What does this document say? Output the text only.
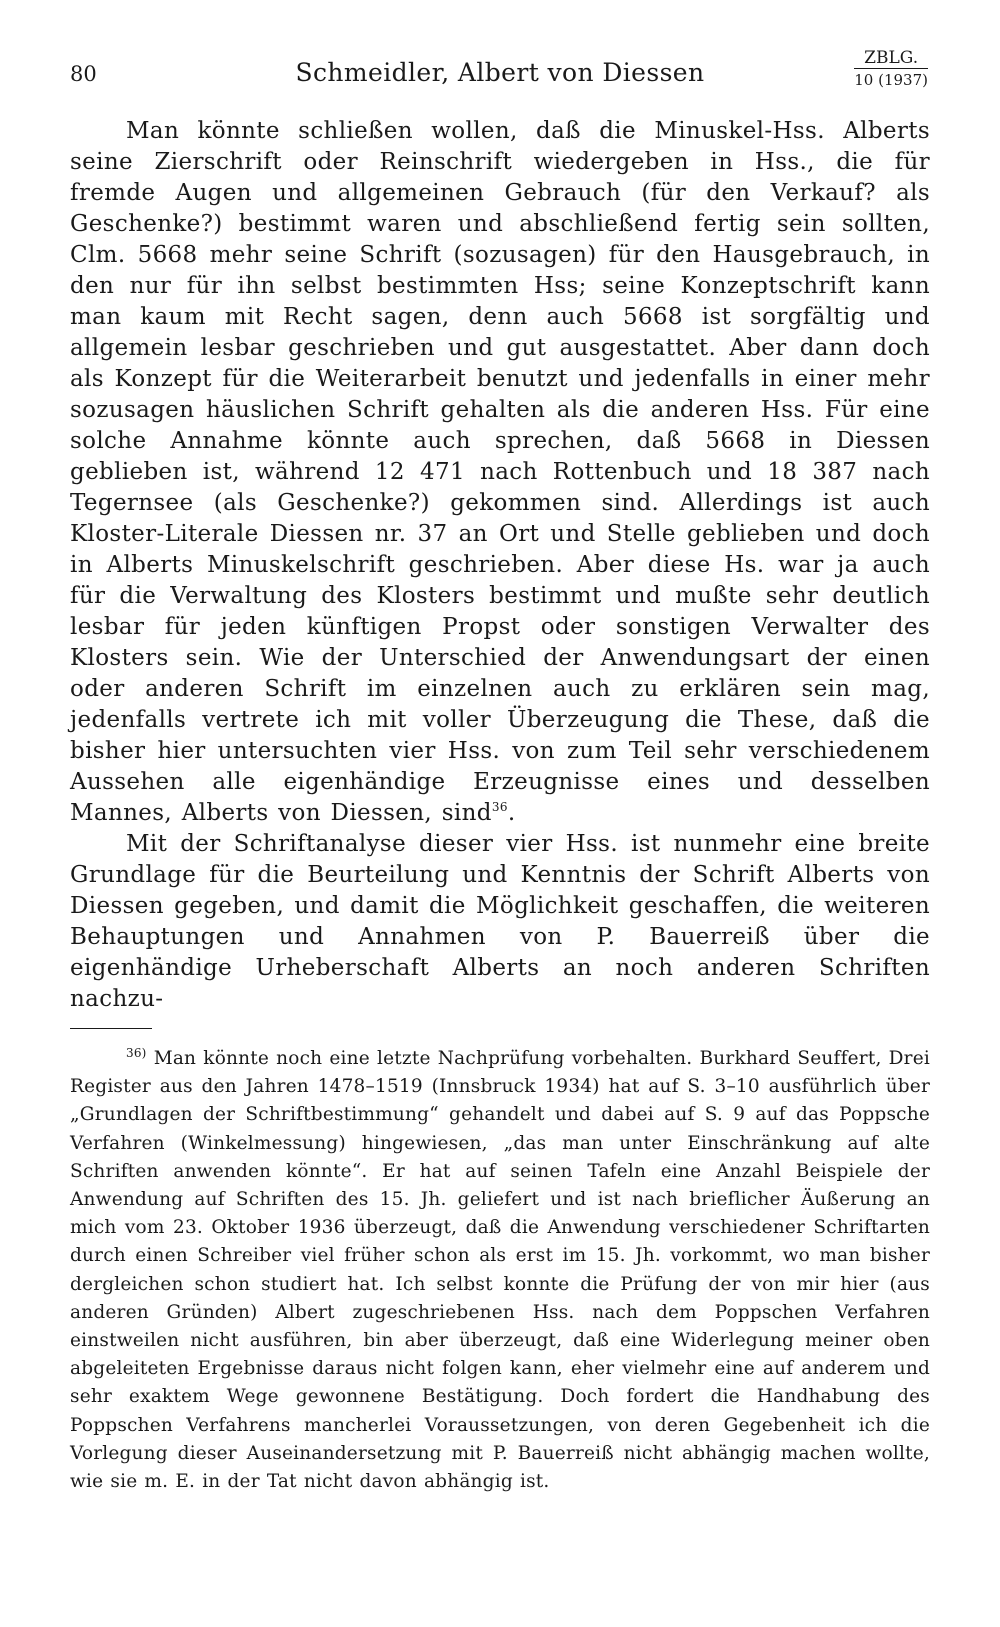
80	Schmeidler, Albert von Diessen	ZBLG.
10 (1937)

Man könnte schließen wollen, daß die Minuskel-Hss. Alberts seine Zierschrift oder Reinschrift wiedergeben in Hss., die für fremde Augen und allgemeinen Gebrauch (für den Verkauf? als Geschenke?) bestimmt waren und abschließend fertig sein sollten, Clm. 5668 mehr seine Schrift (sozusagen) für den Hausgebrauch, in den nur für ihn selbst bestimmten Hss; seine Konzeptschrift kann man kaum mit Recht sagen, denn auch 5668 ist sorgfältig und allgemein lesbar geschrieben und gut ausgestattet. Aber dann doch als Konzept für die Weiterarbeit benutzt und jedenfalls in einer mehr sozusagen häuslichen Schrift gehalten als die anderen Hss. Für eine solche Annahme könnte auch sprechen, daß 5668 in Diessen geblieben ist, während 12 471 nach Rottenbuch und 18 387 nach Tegernsee (als Geschenke?) gekommen sind. Allerdings ist auch Kloster-Literale Diessen nr. 37 an Ort und Stelle geblieben und doch in Alberts Minuskelschrift geschrieben. Aber diese Hs. war ja auch für die Verwaltung des Klosters bestimmt und mußte sehr deutlich lesbar für jeden künftigen Propst oder sonstigen Verwalter des Klosters sein. Wie der Unterschied der Anwendungsart der einen oder anderen Schrift im einzelnen auch zu erklären sein mag, jedenfalls vertrete ich mit voller Überzeugung die These, daß die bisher hier untersuchten vier Hss. von zum Teil sehr verschiedenem Aussehen alle eigenhändige Erzeugnisse eines und desselben Mannes, Alberts von Diessen, sind$^{36}$.

Mit der Schriftanalyse dieser vier Hss. ist nunmehr eine breite Grundlage für die Beurteilung und Kenntnis der Schrift Alberts von Diessen gegeben, und damit die Möglichkeit geschaffen, die weiteren Behauptungen und Annahmen von P. Bauerreiß über die eigenhändige Urheberschaft Alberts an noch anderen Schriften nachzu-

$^{36)}$ Man könnte noch eine letzte Nachprüfung vorbehalten. Burkhard Seuffert, Drei Register aus den Jahren 1478–1519 (Innsbruck 1934) hat auf S. 3–10 ausführlich über „Grundlagen der Schriftbestimmung“ gehandelt und dabei auf S. 9 auf das Poppsche Verfahren (Winkelmessung) hingewiesen, „das man unter Einschränkung auf alte Schriften anwenden könnte“. Er hat auf seinen Tafeln eine Anzahl Beispiele der Anwendung auf Schriften des 15. Jh. geliefert und ist nach brieflicher Äußerung an mich vom 23. Oktober 1936 überzeugt, daß die Anwendung verschiedener Schriftarten durch einen Schreiber viel früher schon als erst im 15. Jh. vorkommt, wo man bisher dergleichen schon studiert hat. Ich selbst konnte die Prüfung der von mir hier (aus anderen Gründen) Albert zugeschriebenen Hss. nach dem Poppschen Verfahren einstweilen nicht ausführen, bin aber überzeugt, daß eine Widerlegung meiner oben abgeleiteten Ergebnisse daraus nicht folgen kann, eher vielmehr eine auf anderem und sehr exaktem Wege gewonnene Bestätigung. Doch fordert die Handhabung des Poppschen Verfahrens mancherlei Voraussetzungen, von deren Gegebenheit ich die Vorlegung dieser Auseinandersetzung mit P. Bauerreiß nicht abhängig machen wollte, wie sie m. E. in der Tat nicht davon abhängig ist.
